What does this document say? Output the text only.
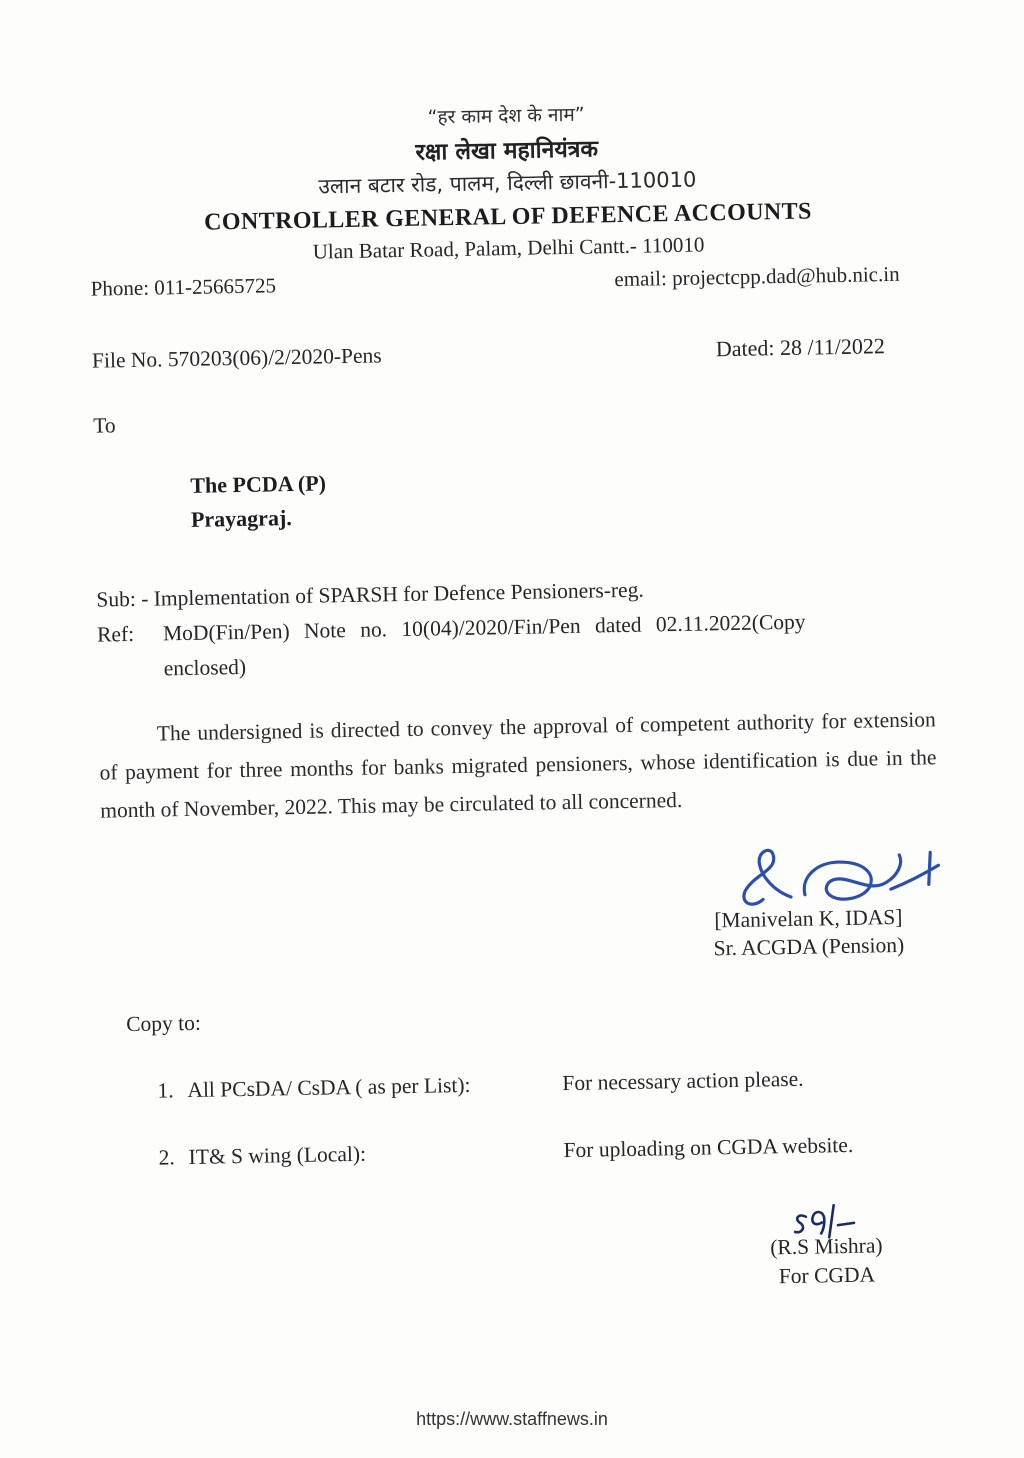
“हर काम देश के नाम”
रक्षा लेखा महानियंत्रक
उलान बटार रोड, पालम, दिल्ली छावनी-110010
CONTROLLER GENERAL OF DEFENCE ACCOUNTS
Ulan Batar Road, Palam, Delhi Cantt.- 110010
Phone: 011-25665725	email: projectcpp.dad@hub.nic.in
File No. 570203(06)/2/2020-Pens	Dated: 28 /11/2022
To
The PCDA (P)
Prayagraj.
Sub: - Implementation of SPARSH for Defence Pensioners-reg.
Ref:	MoD(Fin/Pen) Note no. 10(04)/2020/Fin/Pen dated 02.11.2022(Copy
enclosed)

The undersigned is directed to convey the approval of competent authority for extension of payment for three months for banks migrated pensioners, whose identification is due in the month of November, 2022. This may be circulated to all concerned.

[Manivelan K, IDAS]
Sr. ACGDA (Pension)
Copy to:
1. All PCsDA/ CsDA ( as per List):	For necessary action please.
2. IT& S wing (Local):	For uploading on CGDA website.
(R.S Mishra)
For CGDA
https://www.staffnews.in
